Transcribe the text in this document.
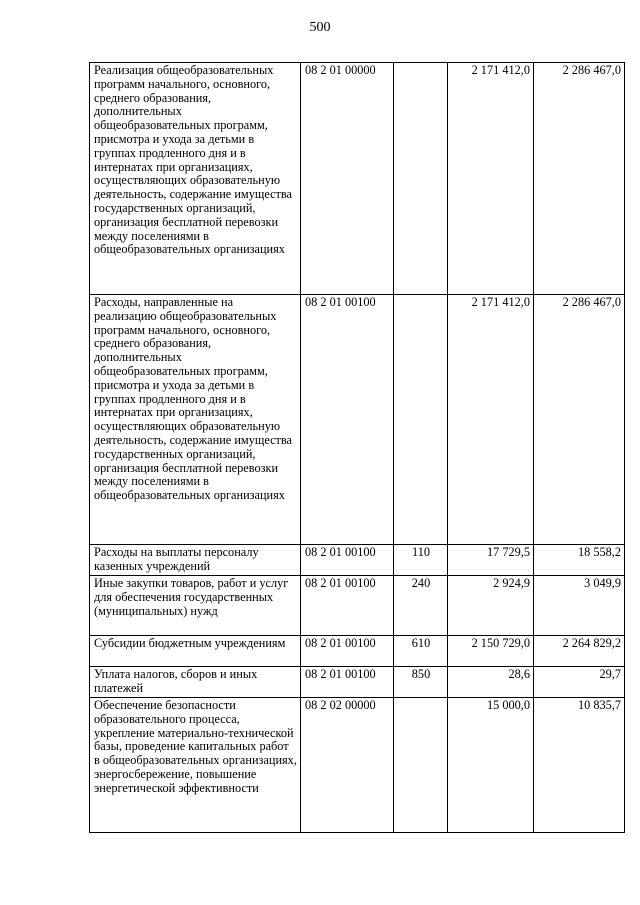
500
Реализация общеобразовательных программ начального, основного, среднего образования, дополнительных общеобразовательных программ, присмотра и ухода за детьми в группах продленного дня и в интернатах при организациях, осуществляющих образовательную деятельность, содержание имущества государственных организаций, организация бесплатной перевозки между поселениями в общеобразовательных организациях	08 2 01 00000		2 171 412,0	2 286 467,0
Расходы, направленные на реализацию общеобразовательных программ начального, основного, среднего образования, дополнительных общеобразовательных программ, присмотра и ухода за детьми в группах продленного дня и в интернатах при организациях, осуществляющих образовательную деятельность, содержание имущества государственных организаций, организация бесплатной перевозки между поселениями в общеобразовательных организациях	08 2 01 00100		2 171 412,0	2 286 467,0
Расходы на выплаты персоналу казенных учреждений	08 2 01 00100	110	17 729,5	18 558,2
Иные закупки товаров, работ и услуг для обеспечения государственных (муниципальных) нужд	08 2 01 00100	240	2 924,9	3 049,9
Субсидии бюджетным учреждениям	08 2 01 00100	610	2 150 729,0	2 264 829,2
Уплата налогов, сборов и иных платежей	08 2 01 00100	850	28,6	29,7
Обеспечение безопасности образовательного процесса, укрепление материально-технической базы, проведение капитальных работ в общеобразовательных организациях, энергосбережение, повышение энергетической эффективности	08 2 02 00000		15 000,0	10 835,7
